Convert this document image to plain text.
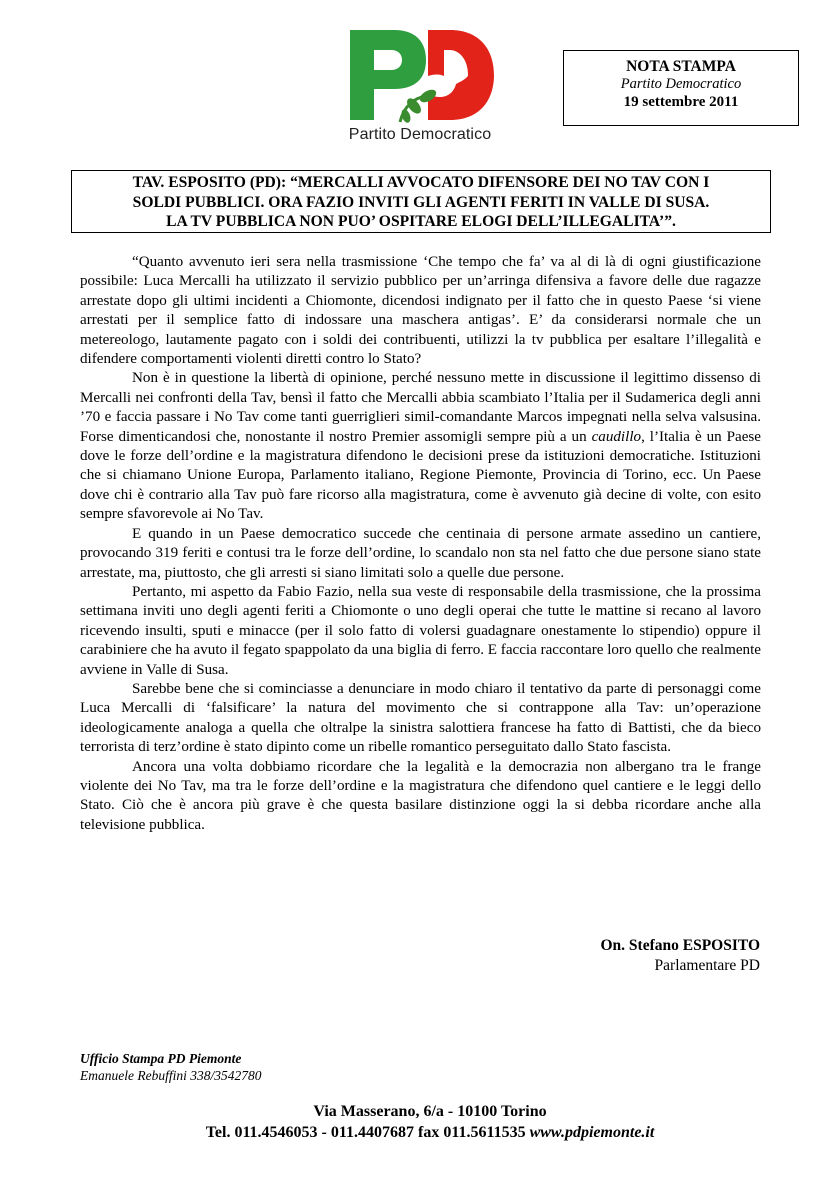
Partito Democratico
NOTA STAMPA
Partito Democratico
19 settembre 2011
TAV. ESPOSITO (PD): “MERCALLI AVVOCATO DIFENSORE DEI NO TAV CON I
SOLDI PUBBLICI. ORA FAZIO INVITI GLI AGENTI FERITI IN VALLE DI SUSA.
LA TV PUBBLICA NON PUO’ OSPITARE ELOGI DELL’ILLEGALITA’”.

“Quanto avvenuto ieri sera nella trasmissione ‘Che tempo che fa’ va al di là di ogni giustificazione possibile: Luca Mercalli ha utilizzato il servizio pubblico per un’arringa difensiva a favore delle due ragazze arrestate dopo gli ultimi incidenti a Chiomonte, dicendosi indignato per il fatto che in questo Paese ‘si viene arrestati per il semplice fatto di indossare una maschera antigas’. E’ da considerarsi normale che un metereologo, lautamente pagato con i soldi dei contribuenti, utilizzi la tv pubblica per esaltare l’illegalità e difendere comportamenti violenti diretti contro lo Stato?

Non è in questione la libertà di opinione, perché nessuno mette in discussione il legittimo dissenso di Mercalli nei confronti della Tav, bensì il fatto che Mercalli abbia scambiato l’Italia per il Sudamerica degli anni ’70 e faccia passare i No Tav come tanti guerriglieri simil-comandante Marcos impegnati nella selva valsusina. Forse dimenticandosi che, nonostante il nostro Premier assomigli sempre più a un caudillo, l’Italia è un Paese dove le forze dell’ordine e la magistratura difendono le decisioni prese da istituzioni democratiche. Istituzioni che si chiamano Unione Europa, Parlamento italiano, Regione Piemonte, Provincia di Torino, ecc. Un Paese dove chi è contrario alla Tav può fare ricorso alla magistratura, come è avvenuto già decine di volte, con esito sempre sfavorevole ai No Tav.

E quando in un Paese democratico succede che centinaia di persone armate assedino un cantiere, provocando 319 feriti e contusi tra le forze dell’ordine, lo scandalo non sta nel fatto che due persone siano state arrestate, ma, piuttosto, che gli arresti si siano limitati solo a quelle due persone.

Pertanto, mi aspetto da Fabio Fazio, nella sua veste di responsabile della trasmissione, che la prossima settimana inviti uno degli agenti feriti a Chiomonte o uno degli operai che tutte le mattine si recano al lavoro ricevendo insulti, sputi e minacce (per il solo fatto di volersi guadagnare onestamente lo stipendio) oppure il carabiniere che ha avuto il fegato spappolato da una biglia di ferro. E faccia raccontare loro quello che realmente avviene in Valle di Susa.

Sarebbe bene che si cominciasse a denunciare in modo chiaro il tentativo da parte di personaggi come Luca Mercalli di ‘falsificare’ la natura del movimento che si contrappone alla Tav: un’operazione ideologicamente analoga a quella che oltralpe la sinistra salottiera francese ha fatto di Battisti, che da bieco terrorista di terz’ordine è stato dipinto come un ribelle romantico perseguitato dallo Stato fascista.

Ancora una volta dobbiamo ricordare che la legalità e la democrazia non albergano tra le frange violente dei No Tav, ma tra le forze dell’ordine e la magistratura che difendono quel cantiere e le leggi dello Stato. Ciò che è ancora più grave è che questa basilare distinzione oggi la si debba ricordare anche alla televisione pubblica.

On. Stefano ESPOSITO
Parlamentare PD
Ufficio Stampa PD Piemonte
Emanuele Rebuffini 338/3542780
Via Masserano, 6/a - 10100 Torino
Tel. 011.4546053 - 011.4407687 fax 011.5611535 www.pdpiemonte.it
